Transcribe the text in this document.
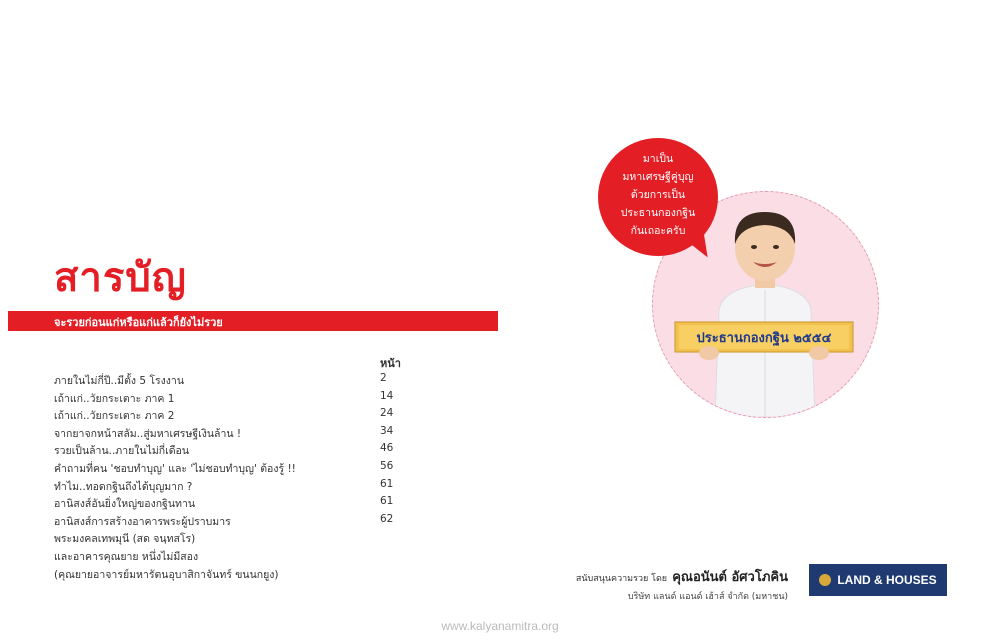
สารบัญ
จะรวยก่อนแก่หรือแก่แล้วก็ยังไม่รวย
หน้า
ภายในไม่กี่ปี..มีตั้ง 5 โรงงาน	2
เถ้าแก่..วัยกระเตาะ ภาค 1	14
เถ้าแก่..วัยกระเตาะ ภาค 2	24
จากยาจกหน้าสลัม..สู่มหาเศรษฐีเงินล้าน !	34
รวยเป็นล้าน..ภายในไม่กี่เดือน	46
คำถามที่คน 'ชอบทำบุญ' และ 'ไม่ชอบทำบุญ' ต้องรู้ !!	56
ทำไม..ทอดกฐินถึงได้บุญมาก ?	61
อานิสงส์อันยิ่งใหญ่ของกฐินทาน	61
อานิสงส์การสร้างอาคารพระผู้ปราบมาร	62
พระมงคลเทพมุนี (สด จนฺทสโร)
และอาคารคุณยาย หนึ่งไม่มีสอง
(คุณยายอาจารย์มหารัตนอุบาสิกาจันทร์ ขนนกยูง)
ประธานกองกฐิน ๒๕๕๔
มาเป็น
มหาเศรษฐีคู่บุญ
ด้วยการเป็น
ประธานกองกฐิน
กันเถอะครับ
สนับสนุนความรวย โดย คุณอนันต์ อัศวโภคิน
บริษัท แลนด์ แอนด์ เฮ้าส์ จำกัด (มหาชน)
LAND & HOUSES
www.kalyanamitra.org
